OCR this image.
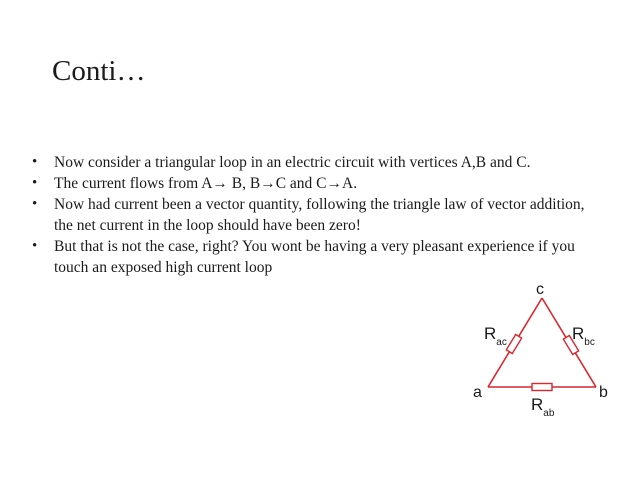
Conti…
• Now consider a triangular loop in an electric circuit with vertices A,B and C.
• The current flows from A→ B, B→C and C→A.
• Now had current been a vector quantity, following the triangle law of vector addition, the net current in the loop should have been zero!
• But that is not the case, right? You wont be having a very pleasant experience if you touch an exposed high current loop
c
a	b
$R_{ac}$	$R_{bc}$
$R_{ab}$
